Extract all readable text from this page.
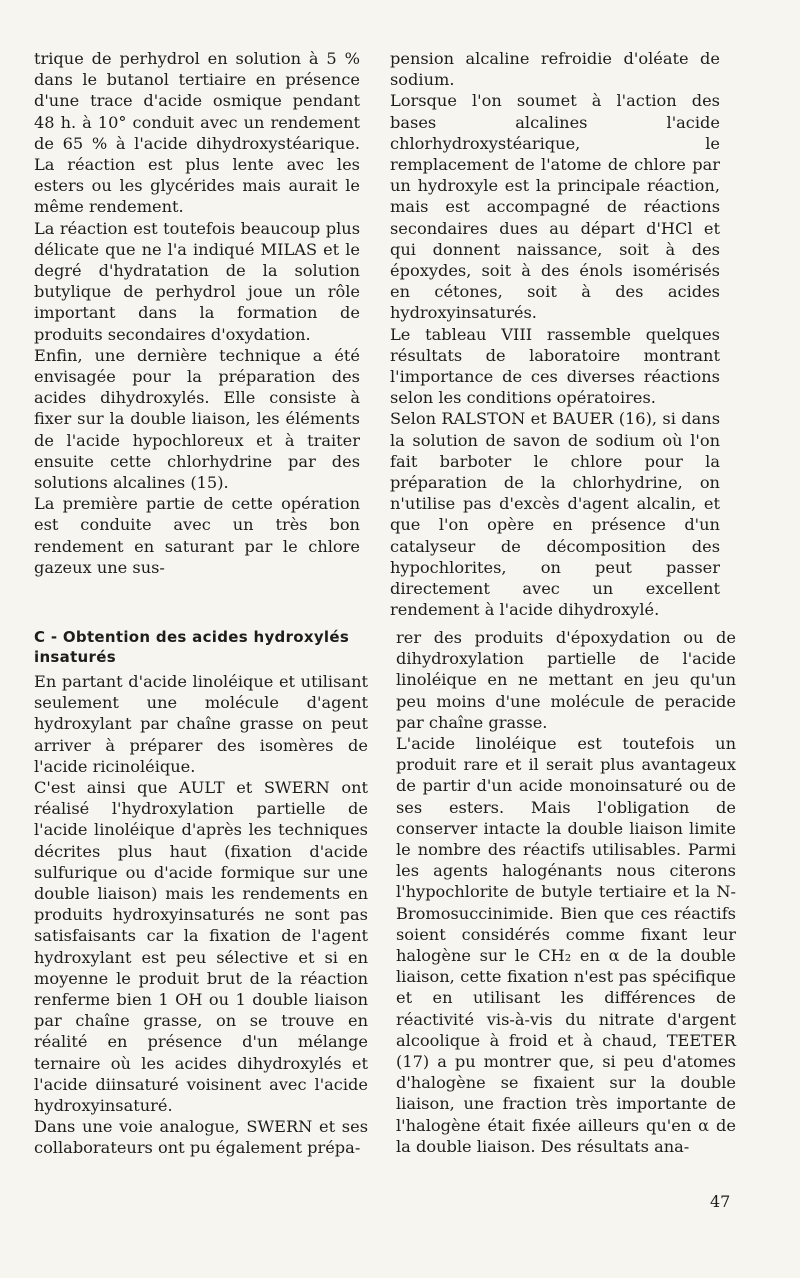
trique de perhydrol en solution à 5 % dans le butanol tertiaire en présence d'une trace d'acide osmique pendant 48 h. à 10° conduit avec un rendement de 65 % à l'acide dihydroxystéarique. La réaction est plus lente avec les esters ou les glycérides mais aurait le même rendement.

La réaction est toutefois beaucoup plus délicate que ne l'a indiqué MILAS et le degré d'hydratation de la solution butylique de perhydrol joue un rôle important dans la formation de produits secondaires d'oxydation.

Enfin, une dernière technique a été envisagée pour la préparation des acides dihydroxylés. Elle consiste à fixer sur la double liaison, les éléments de l'acide hypochloreux et à traiter ensuite cette chlorhydrine par des solutions alcalines (15).

La première partie de cette opération est conduite avec un très bon rendement en saturant par le chlore gazeux une sus-

pension alcaline refroidie d'oléate de sodium.

Lorsque l'on soumet à l'action des bases alcalines l'acide chlorhydroxystéarique, le remplacement de l'atome de chlore par un hydroxyle est la principale réaction, mais est accompagné de réactions secondaires dues au départ d'HCl et qui donnent naissance, soit à des époxydes, soit à des énols isomérisés en cétones, soit à des acides hydroxyinsaturés.

Le tableau VIII rassemble quelques résultats de laboratoire montrant l'importance de ces diverses réactions selon les conditions opératoires.

Selon RALSTON et BAUER (16), si dans la solution de savon de sodium où l'on fait barboter le chlore pour la préparation de la chlorhydrine, on n'utilise pas d'excès d'agent alcalin, et que l'on opère en présence d'un catalyseur de décomposition des hypochlorites, on peut passer directement avec un excellent rendement à l'acide dihydroxylé.

C - Obtention des acides hydroxylés insaturés

En partant d'acide linoléique et utilisant seulement une molécule d'agent hydroxylant par chaîne grasse on peut arriver à préparer des isomères de l'acide ricinoléique.

C'est ainsi que AULT et SWERN ont réalisé l'hydroxylation partielle de l'acide linoléique d'après les techniques décrites plus haut (fixation d'acide sulfurique ou d'acide formique sur une double liaison) mais les rendements en produits hydroxyinsaturés ne sont pas satisfaisants car la fixation de l'agent hydroxylant est peu sélective et si en moyenne le produit brut de la réaction renferme bien 1 OH ou 1 double liaison par chaîne grasse, on se trouve en réalité en présence d'un mélange ternaire où les acides dihydroxylés et l'acide diinsaturé voisinent avec l'acide hydroxyinsaturé.

Dans une voie analogue, SWERN et ses collaborateurs ont pu également prépa-

rer des produits d'époxydation ou de dihydroxylation partielle de l'acide linoléique en ne mettant en jeu qu'un peu moins d'une molécule de peracide par chaîne grasse.

L'acide linoléique est toutefois un produit rare et il serait plus avantageux de partir d'un acide monoinsaturé ou de ses esters. Mais l'obligation de conserver intacte la double liaison limite le nombre des réactifs utilisables. Parmi les agents halogénants nous citerons l'hypochlorite de butyle tertiaire et la N-Bromosuccinimide. Bien que ces réactifs soient considérés comme fixant leur halogène sur le CH₂ en α de la double liaison, cette fixation n'est pas spécifique et en utilisant les différences de réactivité vis-à-vis du nitrate d'argent alcoolique à froid et à chaud, TEETER (17) a pu montrer que, si peu d'atomes d'halogène se fixaient sur la double liaison, une fraction très importante de l'halogène était fixée ailleurs qu'en α de la double liaison. Des résultats ana-

47
